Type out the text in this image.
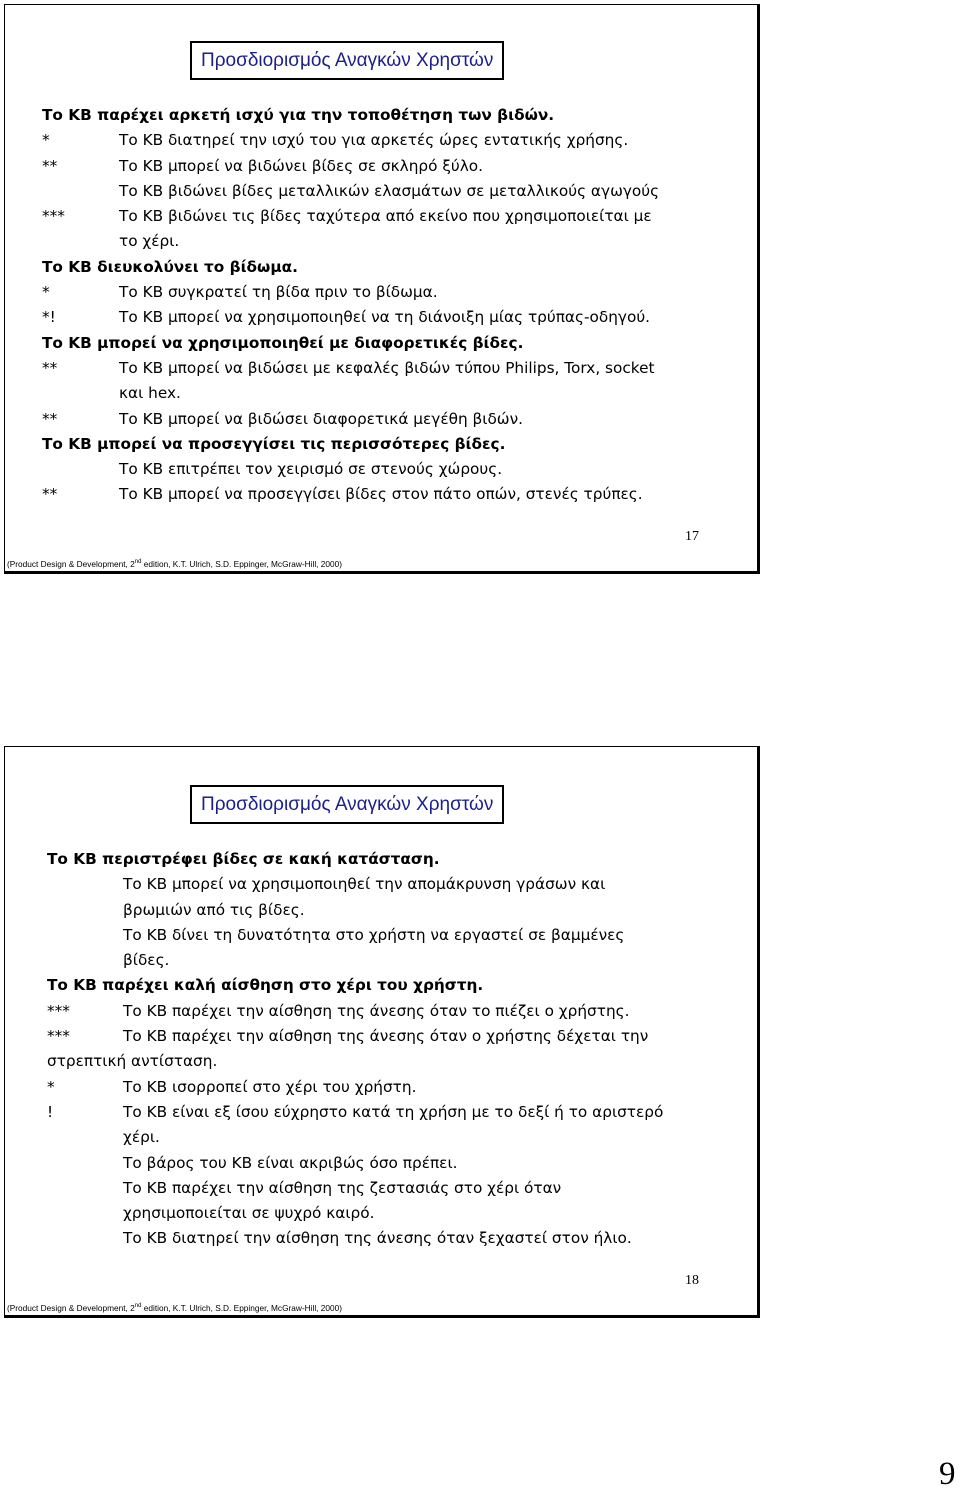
Προσδιορισμός Αναγκών Χρηστών
Το ΚΒ παρέχει αρκετή ισχύ για την τοποθέτηση των βιδών.
*	Το ΚΒ διατηρεί την ισχύ του για αρκετές ώρες εντατικής χρήσης.
**	Το ΚΒ μπορεί να βιδώνει βίδες σε σκληρό ξύλο.
Το ΚΒ βιδώνει βίδες μεταλλικών ελασμάτων σε μεταλλικούς αγωγούς
***	Το ΚΒ βιδώνει τις βίδες ταχύτερα από εκείνο που χρησιμοποιείται με
το χέρι.
Το ΚΒ διευκολύνει το βίδωμα.
*	Το ΚΒ συγκρατεί τη βίδα πριν το βίδωμα.
*!	Το ΚΒ μπορεί να χρησιμοποιηθεί να τη διάνοιξη μίας τρύπας-οδηγού.
Το ΚΒ μπορεί να χρησιμοποιηθεί με διαφορετικές βίδες.
**	Το ΚΒ μπορεί να βιδώσει με κεφαλές βιδών τύπου Philips, Torx, socket
και hex.
**	Το ΚΒ μπορεί να βιδώσει διαφορετικά μεγέθη βιδών.
Το ΚΒ μπορεί να προσεγγίσει τις περισσότερες βίδες.
Το ΚΒ επιτρέπει τον χειρισμό σε στενούς χώρους.
**	Το ΚΒ μπορεί να προσεγγίσει βίδες στον πάτο οπών, στενές τρύπες.
17
(Product Design & Development, 2nd edition, K.T. Ulrich, S.D. Eppinger, McGraw-Hill, 2000)
Προσδιορισμός Αναγκών Χρηστών
Το ΚΒ περιστρέφει βίδες σε κακή κατάσταση.
Το ΚΒ μπορεί να χρησιμοποιηθεί την απομάκρυνση γράσων και
βρωμιών από τις βίδες.
Το ΚΒ δίνει τη δυνατότητα στο χρήστη να εργαστεί σε βαμμένες
βίδες.
Το ΚΒ παρέχει καλή αίσθηση στο χέρι του χρήστη.
***	Το ΚΒ παρέχει την αίσθηση της άνεσης όταν το πιέζει ο χρήστης.
***	Το ΚΒ παρέχει την αίσθηση της άνεσης όταν ο χρήστης δέχεται την
στρεπτική αντίσταση.
*	Το ΚΒ ισορροπεί στο χέρι του χρήστη.
!	Το ΚΒ είναι εξ ίσου εύχρηστο κατά τη χρήση με το δεξί ή το αριστερό
χέρι.
Το βάρος του ΚΒ είναι ακριβώς όσο πρέπει.
Το ΚΒ παρέχει την αίσθηση της ζεστασιάς στο χέρι όταν
χρησιμοποιείται σε ψυχρό καιρό.
Το ΚΒ διατηρεί την αίσθηση της άνεσης όταν ξεχαστεί στον ήλιο.
18
(Product Design & Development, 2nd edition, K.T. Ulrich, S.D. Eppinger, McGraw-Hill, 2000)
9
